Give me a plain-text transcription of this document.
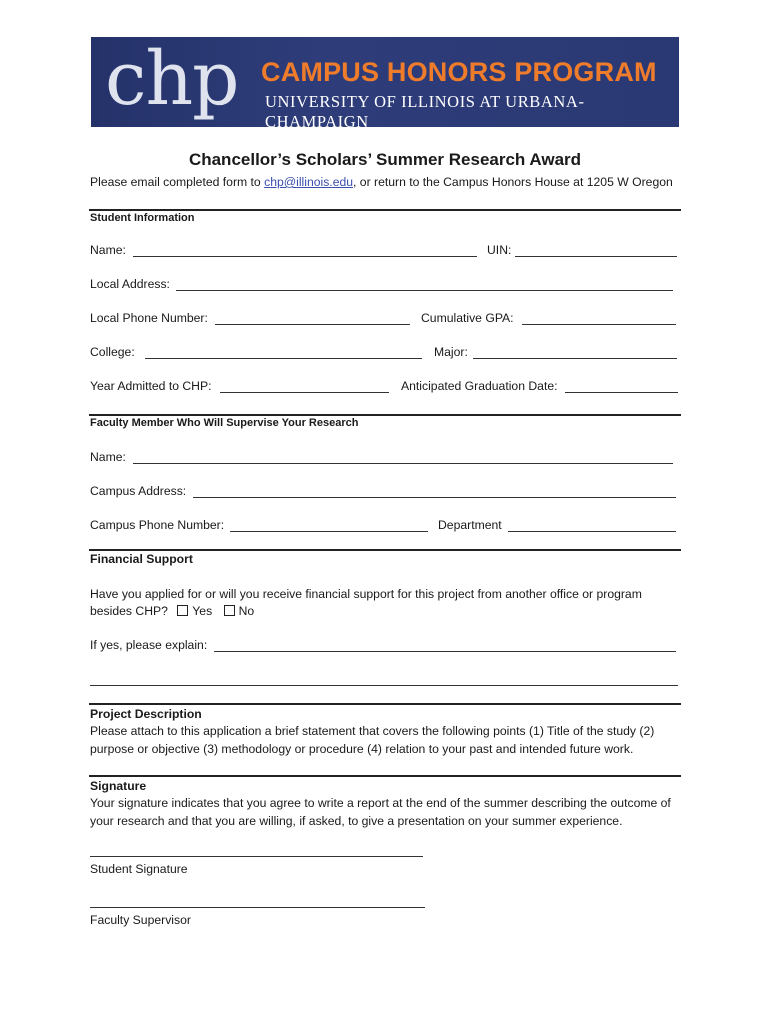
chp CAMPUS HONORS PROGRAM
UNIVERSITY OF ILLINOIS AT URBANA-CHAMPAIGN
Chancellor’s Scholars’ Summer Research Award
Please email completed form to chp@illinois.edu, or return to the Campus Honors House at 1205 W Oregon
Student Information
Name:	UIN:
Local Address:
Local Phone Number:	Cumulative GPA:
College:	Major:
Year Admitted to CHP:	Anticipated Graduation Date:
Faculty Member Who Will Supervise Your Research
Name:
Campus Address:
Campus Phone Number:	Department
Financial Support
Have you applied for or will you receive financial support for this project from another office or program
besides CHP? Yes No
If yes, please explain:
Project Description
Please attach to this application a brief statement that covers the following points (1) Title of the study (2) purpose or objective (3) methodology or procedure (4) relation to your past and intended future work.
Signature
Your signature indicates that you agree to write a report at the end of the summer describing the outcome of your research and that you are willing, if asked, to give a presentation on your summer experience.
Student Signature
Faculty Supervisor
